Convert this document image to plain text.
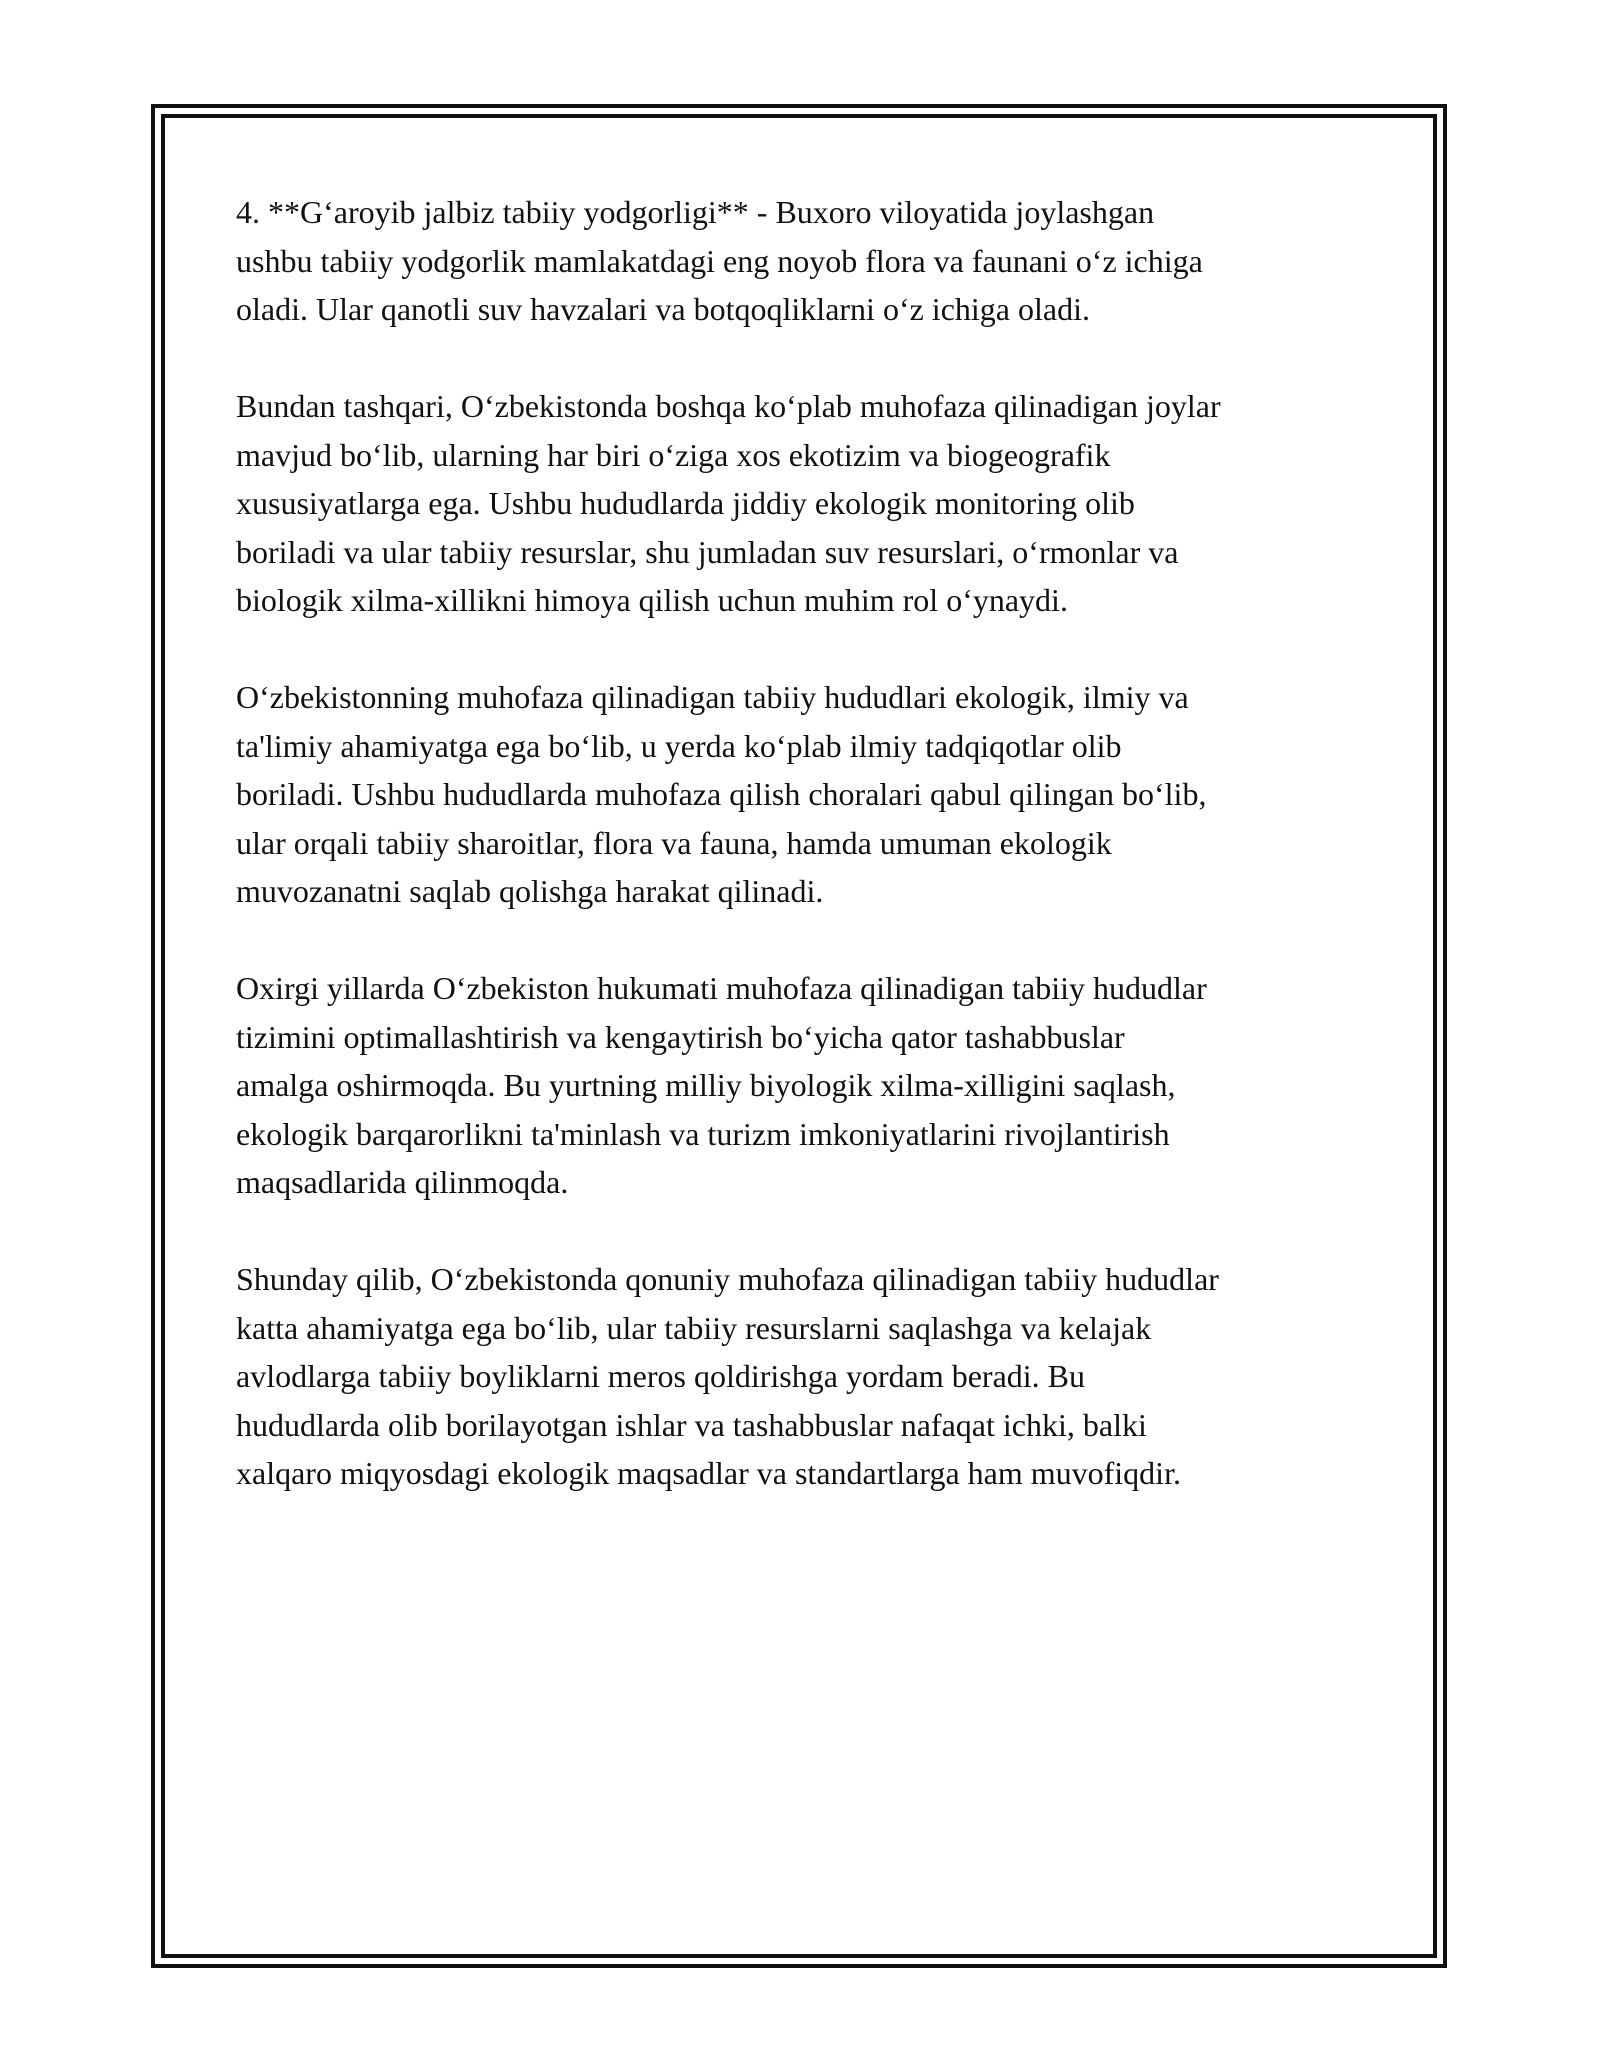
4. **G‘aroyib jalbiz tabiiy yodgorligi** - Buxoro viloyatida joylashgan
ushbu tabiiy yodgorlik mamlakatdagi eng noyob flora va faunani o‘z ichiga
oladi. Ular qanotli suv havzalari va botqoqliklarni o‘z ichiga oladi.

Bundan tashqari, O‘zbekistonda boshqa ko‘plab muhofaza qilinadigan joylar
mavjud bo‘lib, ularning har biri o‘ziga xos ekotizim va biogeografik
xususiyatlarga ega. Ushbu hududlarda jiddiy ekologik monitoring olib
boriladi va ular tabiiy resurslar, shu jumladan suv resurslari, o‘rmonlar va
biologik xilma-xillikni himoya qilish uchun muhim rol o‘ynaydi.

O‘zbekistonning muhofaza qilinadigan tabiiy hududlari ekologik, ilmiy va
ta'limiy ahamiyatga ega bo‘lib, u yerda ko‘plab ilmiy tadqiqotlar olib
boriladi. Ushbu hududlarda muhofaza qilish choralari qabul qilingan bo‘lib,
ular orqali tabiiy sharoitlar, flora va fauna, hamda umuman ekologik
muvozanatni saqlab qolishga harakat qilinadi.

Oxirgi yillarda O‘zbekiston hukumati muhofaza qilinadigan tabiiy hududlar
tizimini optimallashtirish va kengaytirish bo‘yicha qator tashabbuslar
amalga oshirmoqda. Bu yurtning milliy biyologik xilma-xilligini saqlash,
ekologik barqarorlikni ta'minlash va turizm imkoniyatlarini rivojlantirish
maqsadlarida qilinmoqda.

Shunday qilib, O‘zbekistonda qonuniy muhofaza qilinadigan tabiiy hududlar
katta ahamiyatga ega bo‘lib, ular tabiiy resurslarni saqlashga va kelajak
avlodlarga tabiiy boyliklarni meros qoldirishga yordam beradi. Bu
hududlarda olib borilayotgan ishlar va tashabbuslar nafaqat ichki, balki
xalqaro miqyosdagi ekologik maqsadlar va standartlarga ham muvofiqdir.
